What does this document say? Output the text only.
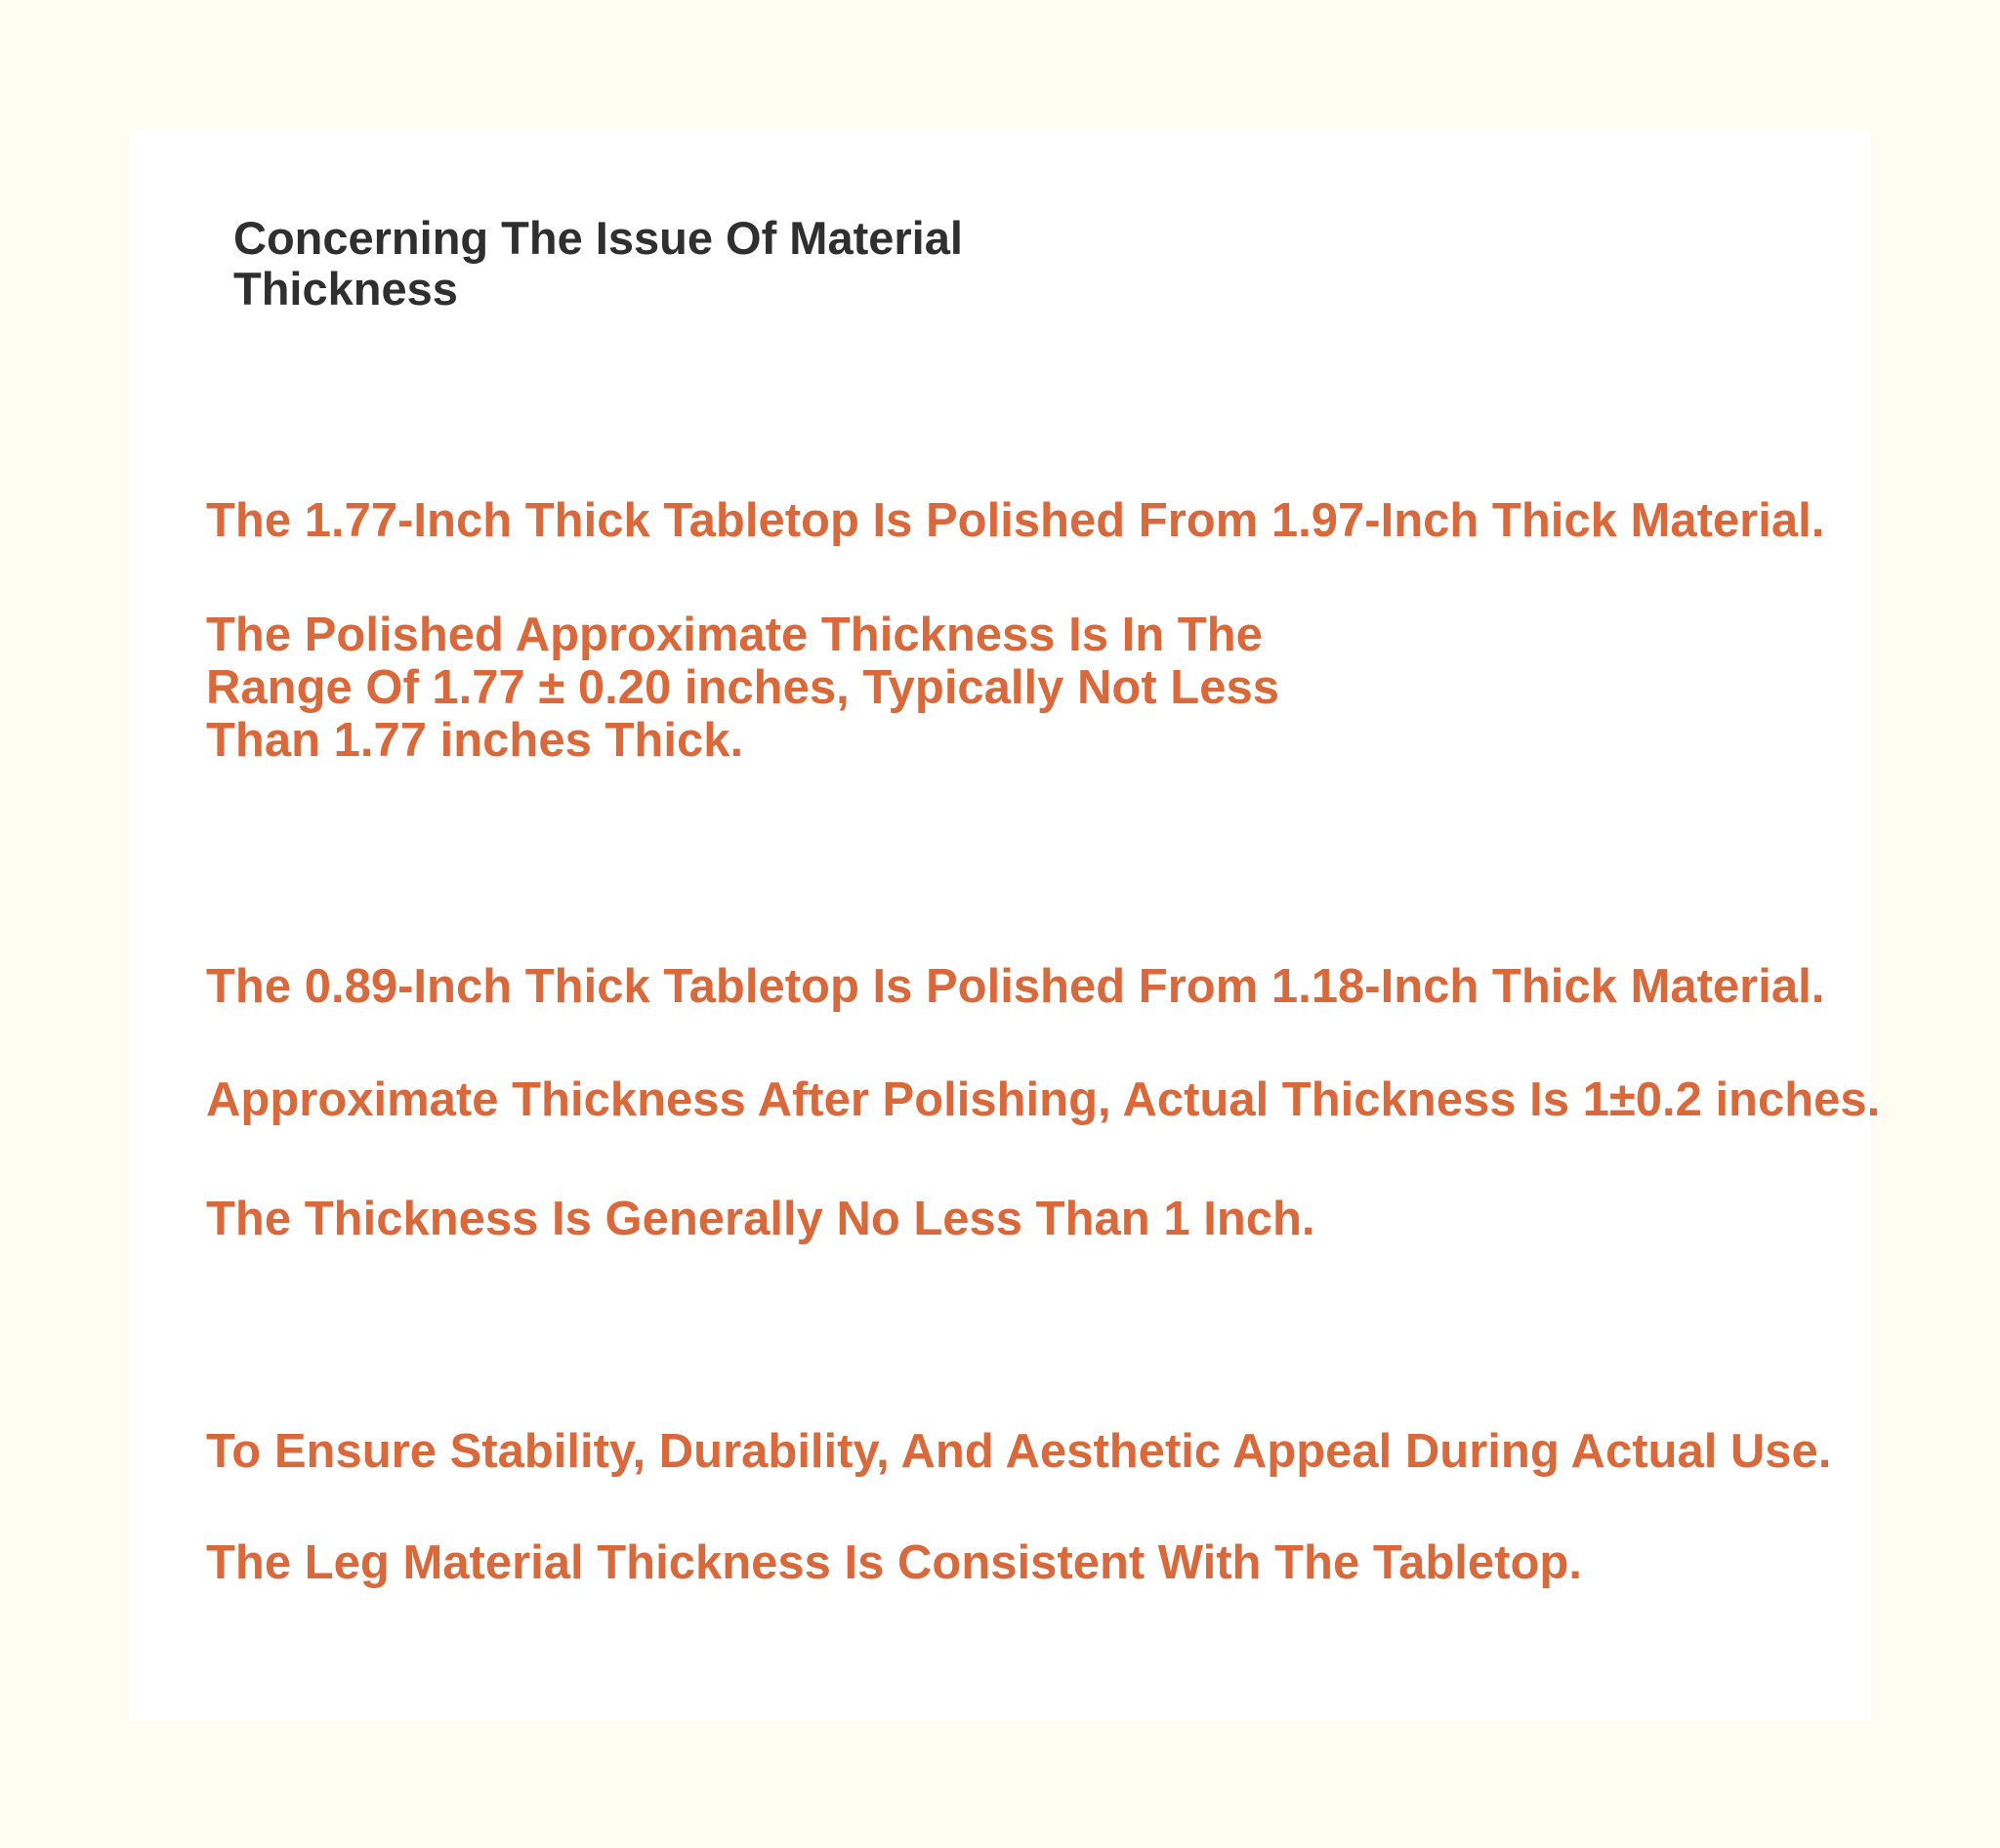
Concerning The Issue Of Material
Thickness

The 1.77-Inch Thick Tabletop Is Polished From 1.97-Inch Thick Material.

The Polished Approximate Thickness Is In The
Range Of 1.77 ± 0.20 inches, Typically Not Less
Than 1.77 inches Thick.

The 0.89-Inch Thick Tabletop Is Polished From 1.18-Inch Thick Material.

Approximate Thickness After Polishing, Actual Thickness Is 1±0.2 inches.

The Thickness Is Generally No Less Than 1 Inch.

To Ensure Stability, Durability, And Aesthetic Appeal During Actual Use.

The Leg Material Thickness Is Consistent With The Tabletop.
